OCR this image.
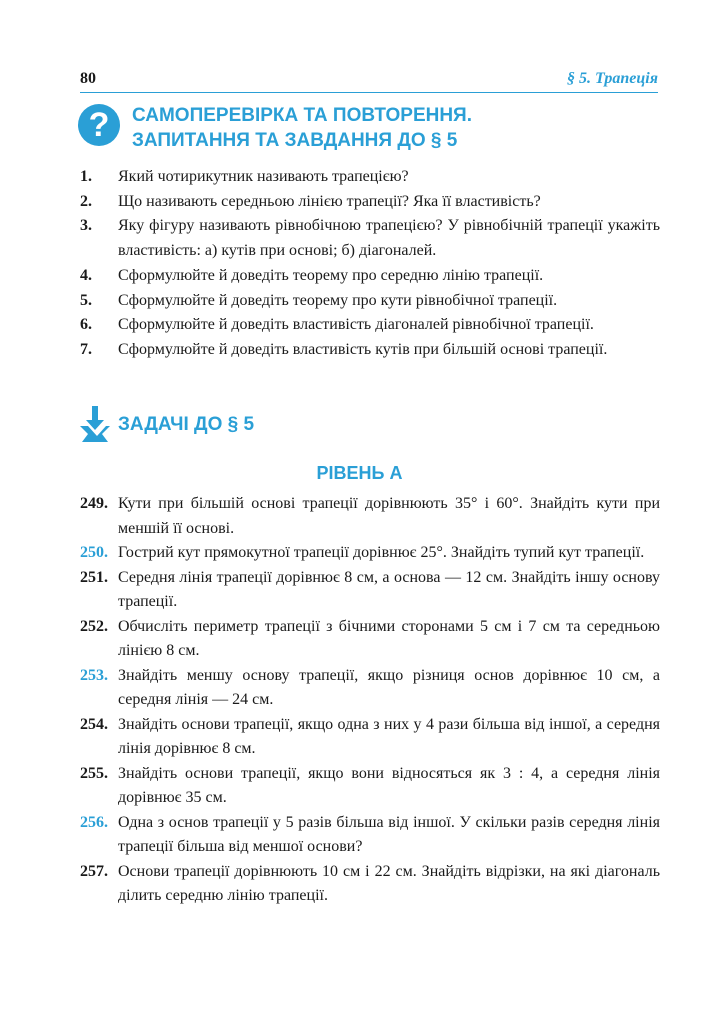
80	§ 5. Трапеція
?	САМОПЕРЕВІРКА ТА ПОВТОРЕННЯ.
ЗАПИТАННЯ ТА ЗАВДАННЯ ДО § 5
1.	Який чотирикутник називають трапецією?
2.	Що називають середньою лінією трапеції? Яка її властивість?
3.	Яку фігуру називають рівнобічною трапецією? У рівнобічній трапеції укажіть властивість: а) кутів при основі; б) діагоналей.
4.	Сформулюйте й доведіть теорему про середню лінію трапеції.
5.	Сформулюйте й доведіть теорему про кути рівнобічної трапеції.
6.	Сформулюйте й доведіть властивість діагоналей рівнобічної трапеції.
7.	Сформулюйте й доведіть властивість кутів при більшій основі трапеції.
ЗАДАЧІ ДО § 5
РІВЕНЬ А
249. Кути при більшій основі трапеції дорівнюють 35° і 60°. Знайдіть кути при меншій її основі.
250. Гострий кут прямокутної трапеції дорівнює 25°. Знайдіть тупий кут трапеції.
251. Середня лінія трапеції дорівнює 8 см, а основа — 12 см. Знайдіть іншу основу трапеції.
252. Обчисліть периметр трапеції з бічними сторонами 5 см і 7 см та середньою лінією 8 см.
253. Знайдіть меншу основу трапеції, якщо різниця основ дорівнює 10 см, а середня лінія — 24 см.
254. Знайдіть основи трапеції, якщо одна з них у 4 рази більша від іншої, а середня лінія дорівнює 8 см.
255. Знайдіть основи трапеції, якщо вони відносяться як 3 : 4, а середня лінія дорівнює 35 см.
256. Одна з основ трапеції у 5 разів більша від іншої. У скільки разів середня лінія трапеції більша від меншої основи?
257. Основи трапеції дорівнюють 10 см і 22 см. Знайдіть відрізки, на які діагональ ділить середню лінію трапеції.
